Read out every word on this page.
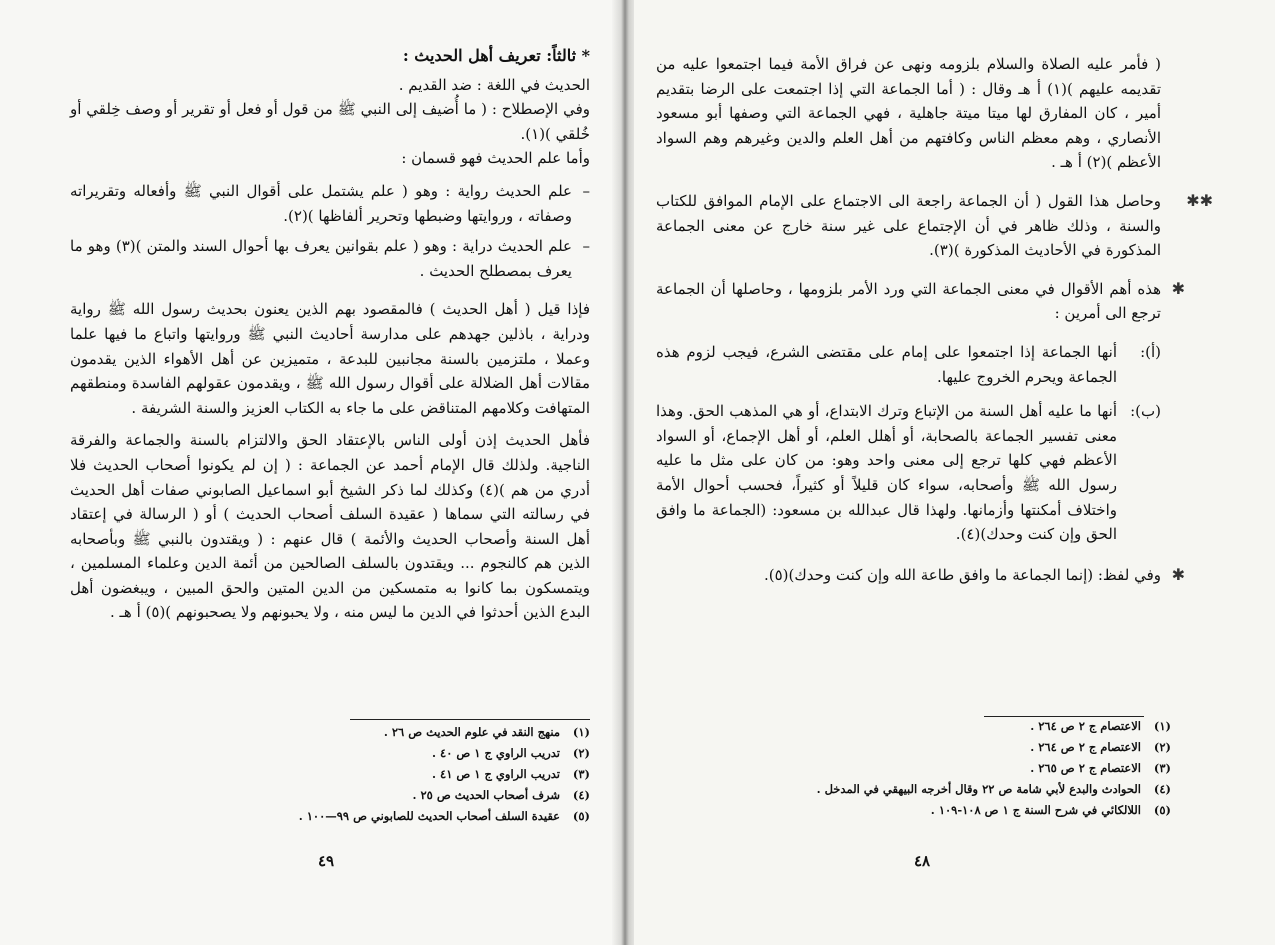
* ثالثاً: تعريف أهل الحديث :

الحديث في اللغة : ضد القديم .

وفي الإصطلاح : ( ما أُضيف إلى النبي ﷺ من قول أو فعل أو تقرير أو وصف خِلقي أو خُلقي )(١).

وأما علم الحديث فهو قسمان :

–

علم الحديث رواية : وهو ( علم يشتمل على أقوال النبي ﷺ وأفعاله وتقريراته وصفاته ، وروايتها وضبطها وتحرير ألفاظها )(٢).

–

علم الحديث دراية : وهو ( علم بقوانين يعرف بها أحوال السند والمتن )(٣) وهو ما يعرف بمصطلح الحديث .

فإذا قيل ( أهل الحديث ) فالمقصود بهم الذين يعنون بحديث رسول الله ﷺ رواية ودراية ، باذلين جهدهم على مدارسة أحاديث النبي ﷺ وروايتها واتباع ما فيها علما وعملا ، ملتزمين بالسنة مجانبين للبدعة ، متميزين عن أهل الأهواء الذين يقدمون مقالات أهل الضلالة على أقوال رسول الله ﷺ ، ويقدمون عقولهم الفاسدة ومنطقهم المتهافت وكلامهم المتناقض على ما جاء به الكتاب العزيز والسنة الشريفة .

فأهل الحديث إذن أولى الناس بالإعتقاد الحق والالتزام بالسنة والجماعة والفرقة الناجية. ولذلك قال الإمام أحمد عن الجماعة : ( إن لم يكونوا أصحاب الحديث فلا أدري من هم )(٤) وكذلك لما ذكر الشيخ أبو اسماعيل الصابوني صفات أهل الحديث في رسالته التي سماها ( عقيدة السلف أصحاب الحديث ) أو ( الرسالة في إعتقاد أهل السنة وأصحاب الحديث والأئمة ) قال عنهم : ( ويقتدون بالنبي ﷺ وبأصحابه الذين هم كالنجوم ... ويقتدون بالسلف الصالحين من أئمة الدين وعلماء المسلمين ، ويتمسكون بما كانوا به متمسكين من الدين المتين والحق المبين ، ويبغضون أهل البدع الذين أحدثوا في الدين ما ليس منه ، ولا يحبونهم ولا يصحبونهم )(٥) أ هـ .

(١)منهج النقد في علوم الحديث ص ٢٦ .
(٢)تدريب الراوي ج ١ ص ٤٠ .
(٣)تدريب الراوي ج ١ ص ٤١ .
(٤)شرف أصحاب الحديث ص ٢٥ .
(٥)عقيدة السلف أصحاب الحديث للصابوني ص ٩٩—١٠٠ .
٤٩

( فأمر عليه الصلاة والسلام بلزومه ونهى عن فراق الأمة فيما اجتمعوا عليه من تقديمه عليهم )(١) أ هـ وقال : ( أما الجماعة التي إذا اجتمعت على الرضا بتقديم أمير ، كان المفارق لها ميتا ميتة جاهلية ، فهي الجماعة التي وصفها أبو مسعود الأنصاري ، وهم معظم الناس وكافتهم من أهل العلم والدين وغيرهم وهم السواد الأعظم )(٢) أ هـ .

✱✱

وحاصل هذا القول ( أن الجماعة راجعة الى الاجتماع على الإمام الموافق للكتاب والسنة ، وذلك ظاهر في أن الإجتماع على غير سنة خارج عن معنى الجماعة المذكورة في الأحاديث المذكورة )(٣).

✱

هذه أهم الأقوال في معنى الجماعة التي ورد الأمر بلزومها ، وحاصلها أن الجماعة ترجع الى أمرين :

(أ):

أنها الجماعة إذا اجتمعوا على إمام على مقتضى الشرع، فيجب لزوم هذه الجماعة ويحرم الخروج عليها.

(ب):

أنها ما عليه أهل السنة من الإتباع وترك الابتداع، أو هي المذهب الحق. وهذا معنى تفسير الجماعة بالصحابة، أو أهلل العلم، أو أهل الإجماع، أو السواد الأعظم فهي كلها ترجع إلى معنى واحد وهو: من كان على مثل ما عليه رسول الله ﷺ وأصحابه، سواء كان قليلاً أو كثيراً، فحسب أحوال الأمة واختلاف أمكنتها وأزمانها. ولهذا قال عبدالله بن مسعود: (الجماعة ما وافق الحق وإن كنت وحدك)(٤).

✱

وفي لفظ: (إنما الجماعة ما وافق طاعة الله وإن كنت وحدك)(٥).

(١)الاعتصام ج ٢ ص ٢٦٤ .
(٢)الاعتصام ج ٢ ص ٢٦٤ .
(٣)الاعتصام ج ٢ ص ٢٦٥ .
(٤)الحوادث والبدع لأبي شامة ص ٢٢ وقال أخرجه البيهقي في المدخل .
(٥)اللالكائي في شرح السنة ج ١ ص ١٠٨-١٠٩ .
٤٨
